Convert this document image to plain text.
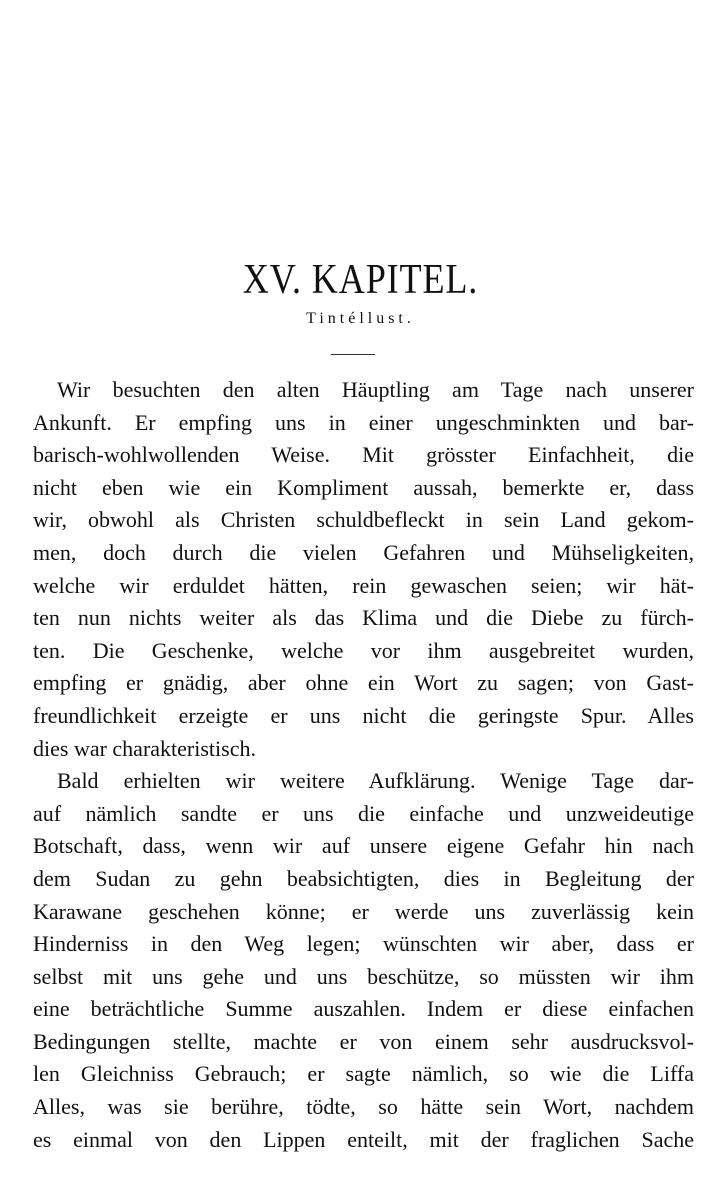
XV. KAPITEL.
Tintéllust.
Wir besuchten den alten Häuptling am Tage nach unserer
Ankunft. Er empfing uns in einer ungeschminkten und bar-
barisch-wohlwollenden Weise. Mit grösster Einfachheit, die
nicht eben wie ein Kompliment aussah, bemerkte er, dass
wir, obwohl als Christen schuldbefleckt in sein Land gekom-
men, doch durch die vielen Gefahren und Mühseligkeiten,
welche wir erduldet hätten, rein gewaschen seien; wir hät-
ten nun nichts weiter als das Klima und die Diebe zu fürch-
ten. Die Geschenke, welche vor ihm ausgebreitet wurden,
empfing er gnädig, aber ohne ein Wort zu sagen; von Gast-
freundlichkeit erzeigte er uns nicht die geringste Spur. Alles
dies war charakteristisch.
Bald erhielten wir weitere Aufklärung. Wenige Tage dar-
auf nämlich sandte er uns die einfache und unzweideutige
Botschaft, dass, wenn wir auf unsere eigene Gefahr hin nach
dem Sudan zu gehn beabsichtigten, dies in Begleitung der
Karawane geschehen könne; er werde uns zuverlässig kein
Hinderniss in den Weg legen; wünschten wir aber, dass er
selbst mit uns gehe und uns beschütze, so müssten wir ihm
eine beträchtliche Summe auszahlen. Indem er diese einfachen
Bedingungen stellte, machte er von einem sehr ausdrucksvol-
len Gleichniss Gebrauch; er sagte nämlich, so wie die Liffa
Alles, was sie berühre, tödte, so hätte sein Wort, nachdem
es einmal von den Lippen enteilt, mit der fraglichen Sache
